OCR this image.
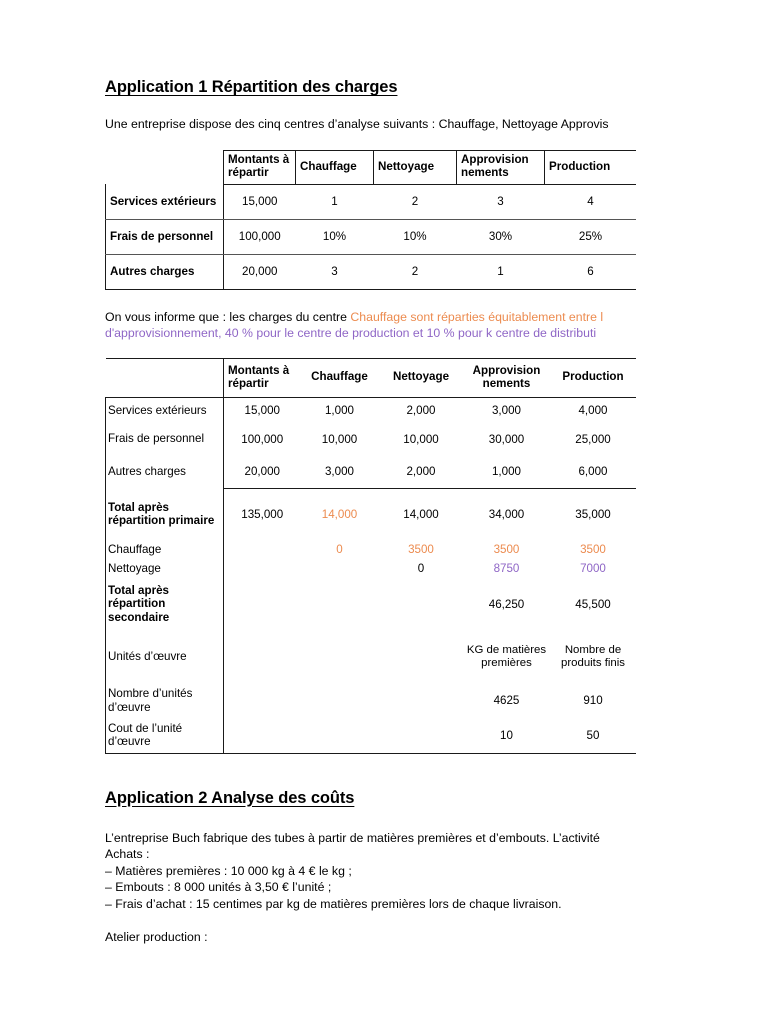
Application 1 Répartition des charges
Une entreprise dispose des cinq centres d’analyse suivants : Chauffage, Nettoyage Approvis
	Montants à répartir	Chauffage	Nettoyage	Approvision nements	Production
Services extérieurs	15,000	1	2	3	4
Frais de personnel	100,000	10%	10%	30%	25%
Autres charges	20,000	3	2	1	6
On vous informe que : les charges du centre Chauffage sont réparties équitablement entre l
d'approvisionnement, 40 % pour le centre de production et 10 % pour k centre de distributi
	Montants à répartir	Chauffage	Nettoyage	Approvision nements	Production
Services extérieurs	15,000	1,000	2,000	3,000	4,000
Frais de personnel	100,000	10,000	10,000	30,000	25,000
Autres charges	20,000	3,000	2,000	1,000	6,000
Total après répartition primaire	135,000	14,000	14,000	34,000	35,000
Chauffage		0	3500	3500	3500
Nettoyage			0	8750	7000
Total après répartition secondaire				46,250	45,500
Unités d’œuvre				KG de matières premières	Nombre de produits finis
Nombre d’unités d’œuvre				4625	910
Cout de l’unité d’œuvre				10	50
Application 2 Analyse des coûts
L’entreprise Buch fabrique des tubes à partir de matières premières et d’embouts. L’activité
Achats :
– Matières premières : 10 000 kg à 4 € le kg ;
– Embouts : 8 000 unités à 3,50 € l’unité ;
– Frais d’achat : 15 centimes par kg de matières premières lors de chaque livraison.

Atelier production :
